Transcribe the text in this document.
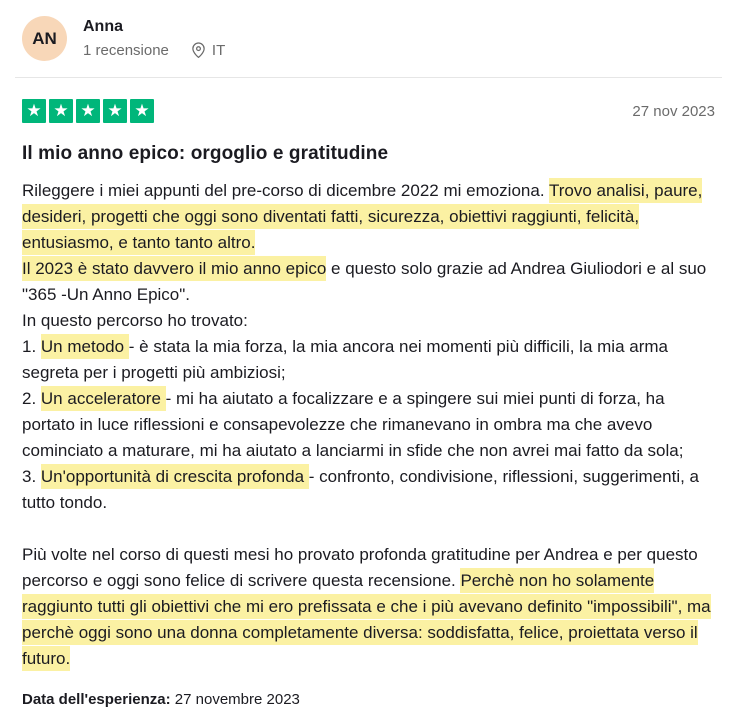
AN
Anna
1 recensione	IT
★ ★ ★ ★ ★	27 nov 2023
Il mio anno epico: orgoglio e gratitudine

Rileggere i miei appunti del pre-corso di dicembre 2022 mi emoziona. Trovo analisi, paure, desideri, progetti che oggi sono diventati fatti, sicurezza, obiettivi raggiunti, felicità, entusiasmo, e tanto tanto altro.

Il 2023 è stato davvero il mio anno epico e questo solo grazie ad Andrea Giuliodori e al suo "365 -Un Anno Epico".

In questo percorso ho trovato:

1. Un metodo - è stata la mia forza, la mia ancora nei momenti più difficili, la mia arma segreta per i progetti più ambiziosi;

2. Un acceleratore - mi ha aiutato a focalizzare e a spingere sui miei punti di forza, ha portato in luce riflessioni e consapevolezze che rimanevano in ombra ma che avevo cominciato a maturare, mi ha aiutato a lanciarmi in sfide che non avrei mai fatto da sola;

3. Un'opportunità di crescita profonda - confronto, condivisione, riflessioni, suggerimenti, a tutto tondo.

Più volte nel corso di questi mesi ho provato profonda gratitudine per Andrea e per questo percorso e oggi sono felice di scrivere questa recensione. Perchè non ho solamente raggiunto tutti gli obiettivi che mi ero prefissata e che i più avevano definito "impossibili", ma perchè oggi sono una donna completamente diversa: soddisfatta, felice, proiettata verso il futuro.

Data dell'esperienza: 27 novembre 2023
